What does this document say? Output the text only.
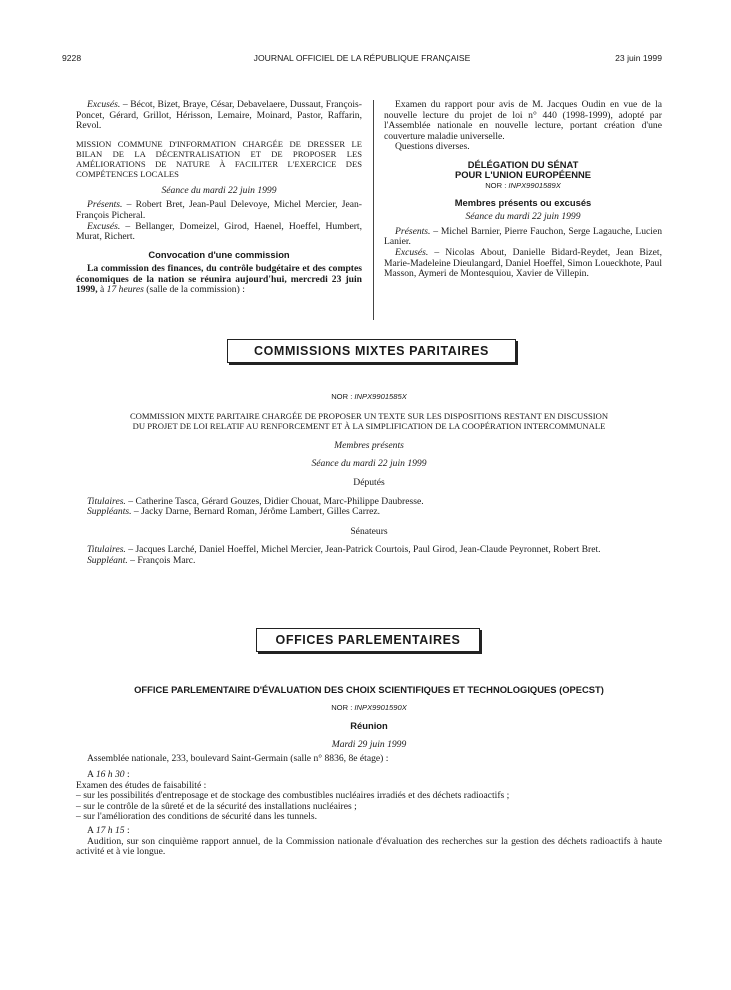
9228	JOURNAL OFFICIEL DE LA RÉPUBLIQUE FRANÇAISE	23 juin 1999

Excusés. – Bécot, Bizet, Braye, César, Debavelaere, Dussaut, François-Poncet, Gérard, Grillot, Hérisson, Lemaire, Moinard, Pastor, Raffarin, Revol.

MISSION COMMUNE D'INFORMATION CHARGÉE DE DRESSER LE BILAN DE LA DÉCENTRALISATION ET DE PROPOSER LES AMÉLIORATIONS DE NATURE À FACILITER L'EXERCICE DES COMPÉTENCES LOCALES

Séance du mardi 22 juin 1999

Présents. – Robert Bret, Jean-Paul Delevoye, Michel Mercier, Jean-François Picheral.

Excusés. – Bellanger, Domeizel, Girod, Haenel, Hoeffel, Humbert, Murat, Richert.

Convocation d'une commission

La commission des finances, du contrôle budgétaire et des comptes économiques de la nation se réunira aujourd'hui, mercredi 23 juin 1999, à 17 heures (salle de la commission) :

Examen du rapport pour avis de M. Jacques Oudin en vue de la nouvelle lecture du projet de loi n° 440 (1998-1999), adopté par l'Assemblée nationale en nouvelle lecture, portant création d'une couverture maladie universelle.

Questions diverses.

DÉLÉGATION DU SÉNAT

POUR L'UNION EUROPÉENNE

NOR : INPX9901589X

Membres présents ou excusés

Séance du mardi 22 juin 1999

Présents. – Michel Barnier, Pierre Fauchon, Serge Lagauche, Lucien Lanier.

Excusés. – Nicolas About, Danielle Bidard-Reydet, Jean Bizet, Marie-Madeleine Dieulangard, Daniel Hoeffel, Simon Loueckhote, Paul Masson, Aymeri de Montesquiou, Xavier de Villepin.

COMMISSIONS MIXTES PARITAIRES

NOR : INPX9901585X

COMMISSION MIXTE PARITAIRE CHARGÉE DE PROPOSER UN TEXTE SUR LES DISPOSITIONS RESTANT EN DISCUSSION

DU PROJET DE LOI RELATIF AU RENFORCEMENT ET À LA SIMPLIFICATION DE LA COOPÉRATION INTERCOMMUNALE

Membres présents

Séance du mardi 22 juin 1999

Députés

Titulaires. – Catherine Tasca, Gérard Gouzes, Didier Chouat, Marc-Philippe Daubresse.

Suppléants. – Jacky Darne, Bernard Roman, Jérôme Lambert, Gilles Carrez.

Sénateurs

Titulaires. – Jacques Larché, Daniel Hoeffel, Michel Mercier, Jean-Patrick Courtois, Paul Girod, Jean-Claude Peyronnet, Robert Bret.

Suppléant. – François Marc.

OFFICES PARLEMENTAIRES

OFFICE PARLEMENTAIRE D'ÉVALUATION DES CHOIX SCIENTIFIQUES ET TECHNOLOGIQUES (OPECST)

NOR : INPX9901590X

Réunion

Mardi 29 juin 1999

Assemblée nationale, 233, boulevard Saint-Germain (salle n° 8836, 8e étage) :

A 16 h 30 :

Examen des études de faisabilité :

– sur les possibilités d'entreposage et de stockage des combustibles nucléaires irradiés et des déchets radioactifs ;

– sur le contrôle de la sûreté et de la sécurité des installations nucléaires ;

– sur l'amélioration des conditions de sécurité dans les tunnels.

A 17 h 15 :

Audition, sur son cinquième rapport annuel, de la Commission nationale d'évaluation des recherches sur la gestion des déchets radioactifs à haute activité et à vie longue.
